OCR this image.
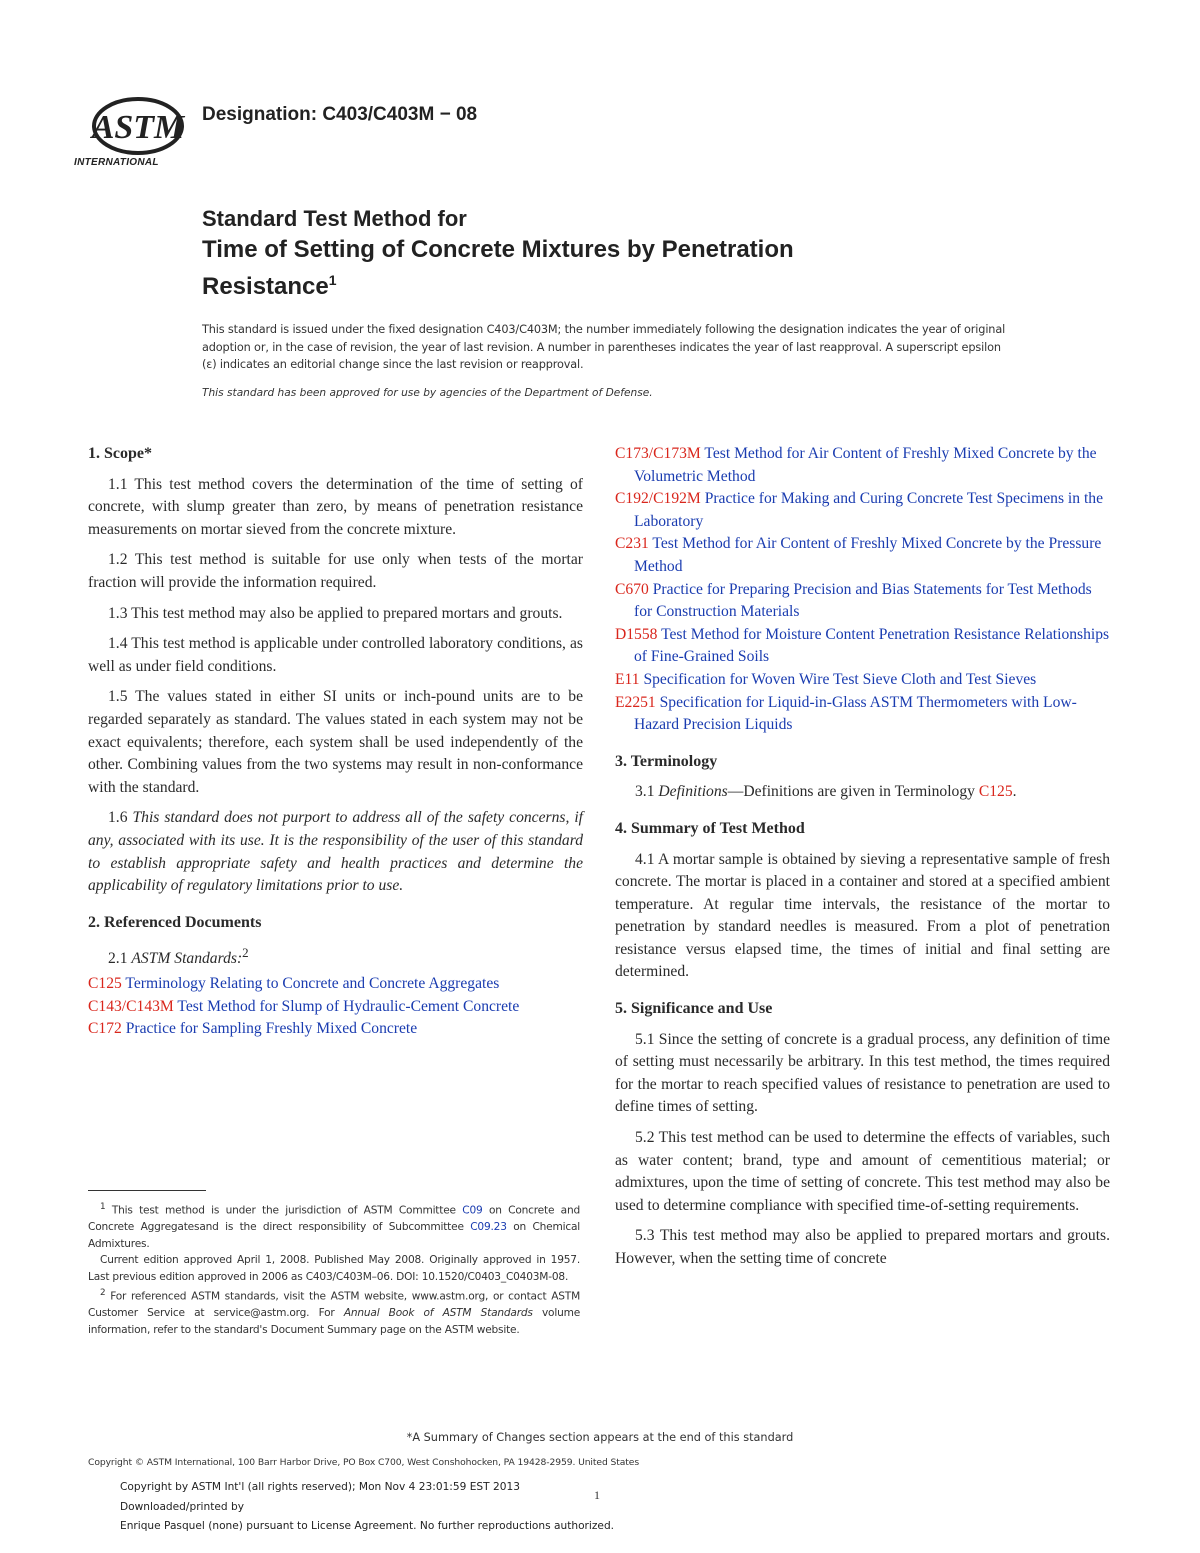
ASTM
INTERNATIONAL
Designation: C403/C403M − 08
Standard Test Method for
Time of Setting of Concrete Mixtures by Penetration
Resistance$^1$
This standard is issued under the fixed designation C403/C403M; the number immediately following the designation indicates the year of original adoption or, in the case of revision, the year of last revision. A number in parentheses indicates the year of last reapproval. A superscript epsilon (ε) indicates an editorial change since the last revision or reapproval.
This standard has been approved for use by agencies of the Department of Defense.
1. Scope*

1.1 This test method covers the determination of the time of setting of concrete, with slump greater than zero, by means of penetration resistance measurements on mortar sieved from the concrete mixture.

1.2 This test method is suitable for use only when tests of the mortar fraction will provide the information required.

1.3 This test method may also be applied to prepared mortars and grouts.

1.4 This test method is applicable under controlled laboratory conditions, as well as under field conditions.

1.5 The values stated in either SI units or inch-pound units are to be regarded separately as standard. The values stated in each system may not be exact equivalents; therefore, each system shall be used independently of the other. Combining values from the two systems may result in non-conformance with the standard.

1.6 This standard does not purport to address all of the safety concerns, if any, associated with its use. It is the responsibility of the user of this standard to establish appropriate safety and health practices and determine the applicability of regulatory limitations prior to use.

2. Referenced Documents

2.1 ASTM Standards:$^2$

C125 Terminology Relating to Concrete and Concrete Aggregates

C143/C143M Test Method for Slump of Hydraulic-Cement Concrete

C172 Practice for Sampling Freshly Mixed Concrete

C173/C173M Test Method for Air Content of Freshly Mixed Concrete by the Volumetric Method

C192/C192M Practice for Making and Curing Concrete Test Specimens in the Laboratory

C231 Test Method for Air Content of Freshly Mixed Concrete by the Pressure Method

C670 Practice for Preparing Precision and Bias Statements for Test Methods for Construction Materials

D1558 Test Method for Moisture Content Penetration Resistance Relationships of Fine-Grained Soils

E11 Specification for Woven Wire Test Sieve Cloth and Test Sieves

E2251 Specification for Liquid-in-Glass ASTM Thermometers with Low-Hazard Precision Liquids

3. Terminology

3.1 Definitions—Definitions are given in Terminology C125.

4. Summary of Test Method

4.1 A mortar sample is obtained by sieving a representative sample of fresh concrete. The mortar is placed in a container and stored at a specified ambient temperature. At regular time intervals, the resistance of the mortar to penetration by standard needles is measured. From a plot of penetration resistance versus elapsed time, the times of initial and final setting are determined.

5. Significance and Use

5.1 Since the setting of concrete is a gradual process, any definition of time of setting must necessarily be arbitrary. In this test method, the times required for the mortar to reach specified values of resistance to penetration are used to define times of setting.

5.2 This test method can be used to determine the effects of variables, such as water content; brand, type and amount of cementitious material; or admixtures, upon the time of setting of concrete. This test method may also be used to determine compliance with specified time-of-setting requirements.

5.3 This test method may also be applied to prepared mortars and grouts. However, when the setting time of concrete

$^1$ This test method is under the jurisdiction of ASTM Committee C09 on Concrete and Concrete Aggregatesand is the direct responsibility of Subcommittee C09.23 on Chemical Admixtures.

Current edition approved April 1, 2008. Published May 2008. Originally approved in 1957. Last previous edition approved in 2006 as C403/C403M–06. DOI: 10.1520/C0403_C0403M-08.

$^2$ For referenced ASTM standards, visit the ASTM website, www.astm.org, or contact ASTM Customer Service at service@astm.org. For Annual Book of ASTM Standards volume information, refer to the standard's Document Summary page on the ASTM website.

*A Summary of Changes section appears at the end of this standard
Copyright © ASTM International, 100 Barr Harbor Drive, PO Box C700, West Conshohocken, PA 19428-2959. United States
Copyright by ASTM Int'l (all rights reserved); Mon Nov 4 23:01:59 EST 2013
Downloaded/printed by
Enrique Pasquel (none) pursuant to License Agreement. No further reproductions authorized.
1
